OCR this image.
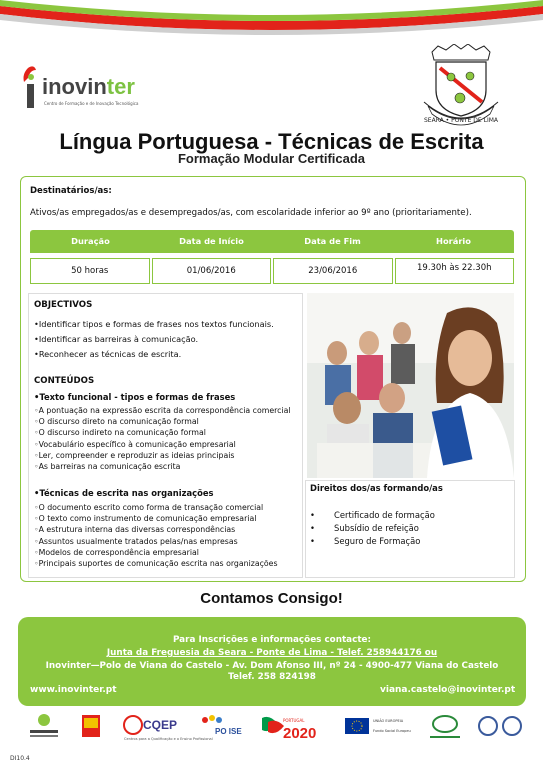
inovinter
Centro de Formação e de Inovação Tecnológica
SEARA • PONTE DE LIMA
Língua Portuguesa - Técnicas de Escrita
Formação Modular Certificada
Destinatários/as:
Ativos/as empregados/as e desempregados/as, com escolaridade inferior ao 9º ano (prioritariamente).
Duração	Data de Início	Data de Fim	Horário
50 horas	01/06/2016	23/06/2016	19.30h às 22.30h
OBJECTIVOS
•Identificar tipos e formas de frases nos textos funcionais.
•Identificar as barreiras à comunicação.
•Reconhecer as técnicas de escrita.
CONTEÚDOS
•Texto funcional - tipos e formas de frases
◦A pontuação na expressão escrita da correspondência comercial
◦O discurso direto na comunicação formal
◦O discurso indireto na comunicação formal
◦Vocabulário específico à comunicação empresarial
◦Ler, compreender e reproduzir as ideias principais
◦As barreiras na comunicação escrita
•Técnicas de escrita nas organizações
◦O documento escrito como forma de transação comercial
◦O texto como instrumento de comunicação empresarial
◦A estrutura interna das diversas correspondências
◦Assuntos usualmente tratados pelas/nas empresas
◦Modelos de correspondência empresarial
◦Principais suportes de comunicação escrita nas organizações
Direitos dos/as formando/as
• Certificado de formação
• Subsídio de refeição
• Seguro de Formação
Contamos Consigo!
Para Inscrições e informações contacte:
Junta da Freguesia da Seara - Ponte de Lima - Telef. 258944176 ou
Inovinter—Polo de Viana do Castelo - Av. Dom Afonso III, nº 24 - 4900-477 Viana do Castelo
Telef. 258 824198
www.inovinter.pt	viana.castelo@inovinter.pt
CQEP
Centros para a Qualificação e o Ensino Profissional
PO ISE
PORTUGAL
2020
UNIÃO EUROPEIA
Fundo Social Europeu
DI10.4
